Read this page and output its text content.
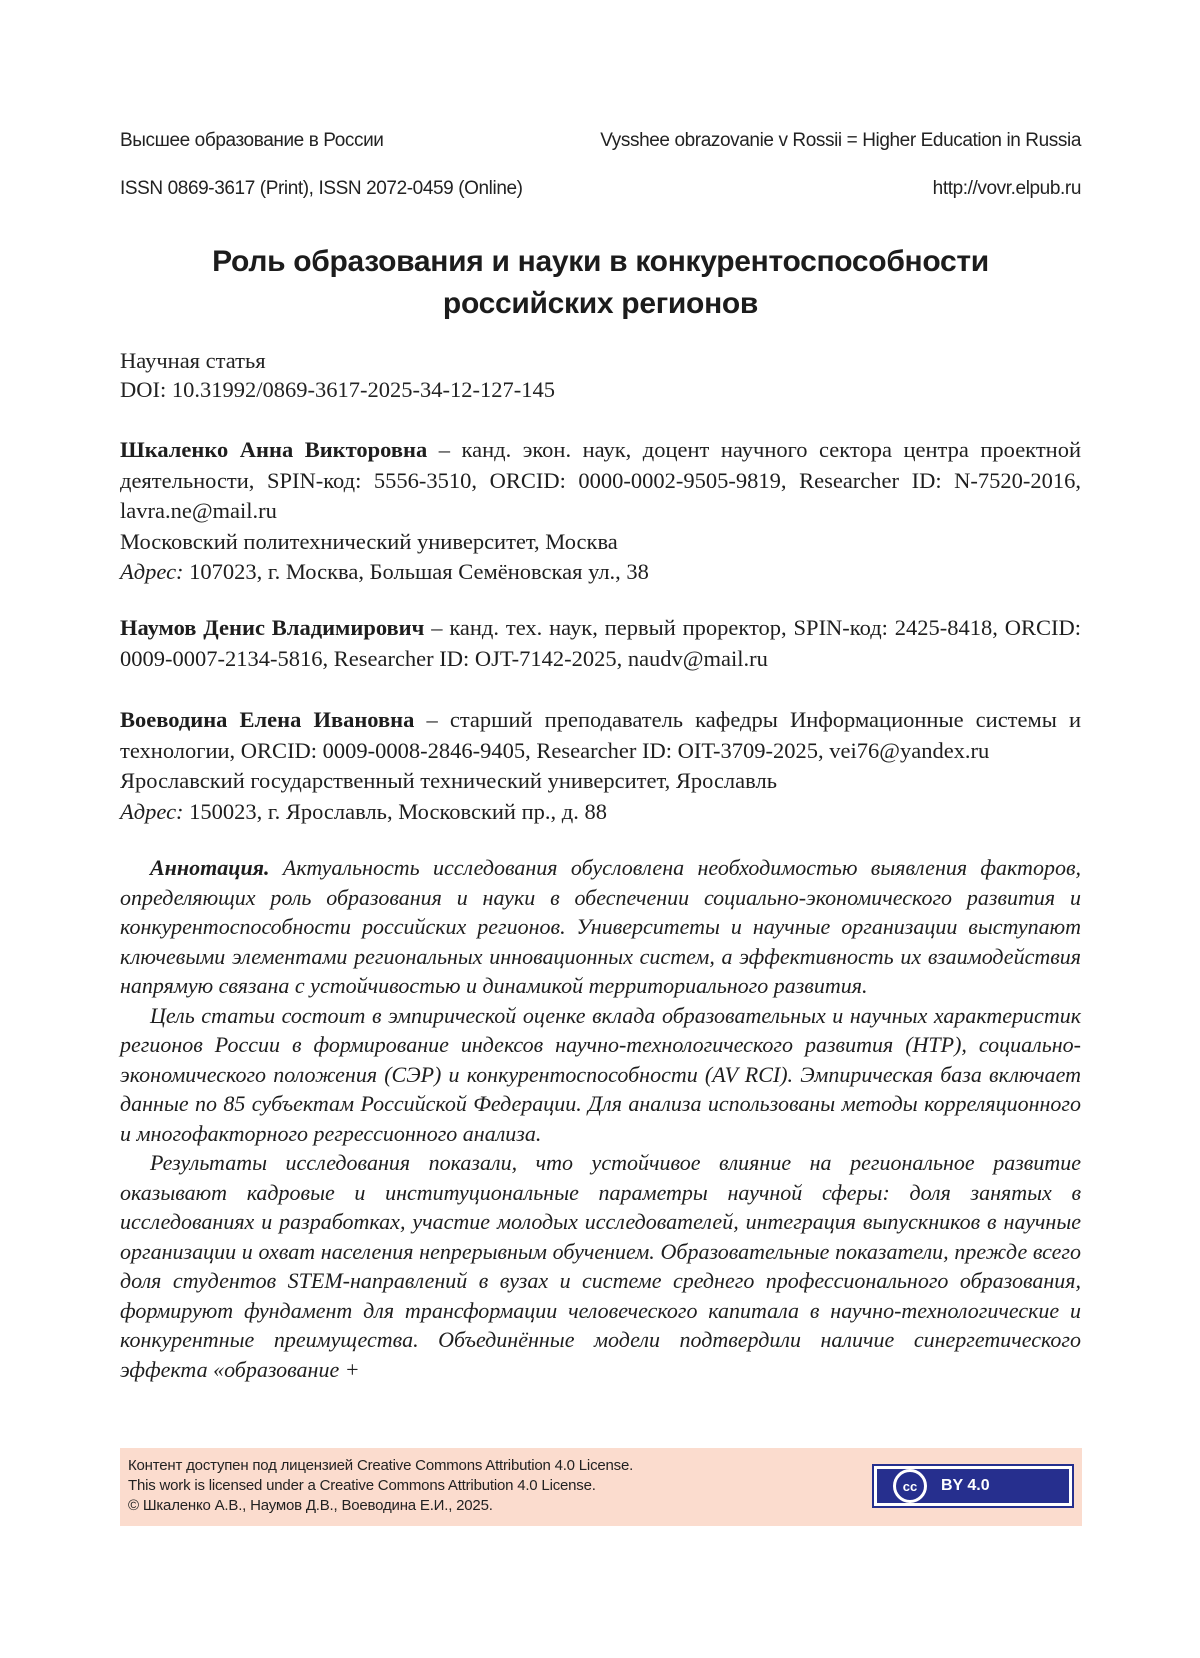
Высшее образование в России	Vysshee obrazovanie v Rossii = Higher Education in Russia
ISSN 0869-3617 (Print), ISSN 2072-0459 (Online)	http://vovr.elpub.ru
Роль образования и науки в конкурентоспособности
российских регионов
Научная статья
DOI: 10.31992/0869-3617-2025-34-12-127-145
Шкаленко Анна Викторовна – канд. экон. наук, доцент научного сектора центра проектной деятельности, SPIN-код: 5556-3510, ORCID: 0000-0002-9505-9819, Researcher ID: N-7520-2016, lavra.ne@mail.ru
Московский политехнический университет, Москва
Адрес: 107023, г. Москва, Большая Семёновская ул., 38
Наумов Денис Владимирович – канд. тех. наук, первый проректор, SPIN-код: 2425-8418, ORCID: 0009-0007-2134-5816, Researcher ID: OJT-7142-2025, naudv@mail.ru
Воеводина Елена Ивановна – старший преподаватель кафедры Информационные системы и технологии, ORCID: 0009-0008-2846-9405, Researcher ID: OIT-3709-2025, vei76@yandex.ru
Ярославский государственный технический университет, Ярославль
Адрес: 150023, г. Ярославль, Московский пр., д. 88

Аннотация. Актуальность исследования обусловлена необходимостью выявления факторов, определяющих роль образования и науки в обеспечении социально-экономического развития и конкурентоспособности российских регионов. Университеты и научные организации выступают ключевыми элементами региональных инновационных систем, а эффективность их взаимодействия напрямую связана с устойчивостью и динамикой территориального развития.

Цель статьи состоит в эмпирической оценке вклада образовательных и научных характеристик регионов России в формирование индексов научно-технологического развития (НТР), социально-экономического положения (СЭР) и конкурентоспособности (AV RCI). Эмпирическая база включает данные по 85 субъектам Российской Федерации. Для анализа использованы методы корреляционного и многофакторного регрессионного анализа.

Результаты исследования показали, что устойчивое влияние на региональное развитие оказывают кадровые и институциональные параметры научной сферы: доля занятых в исследованиях и разработках, участие молодых исследователей, интеграция выпускников в научные организации и охват населения непрерывным обучением. Образовательные показатели, прежде всего доля студентов STEM-направлений в вузах и системе среднего профессионального образования, формируют фундамент для трансформации человеческого капитала в научно-технологические и конкурентные преимущества. Объединённые модели подтвердили наличие синергетического эффекта «образование +

Контент доступен под лицензией Creative Commons Attribution 4.0 License.
This work is licensed under a Creative Commons Attribution 4.0 License.
© Шкаленко А.В., Наумов Д.В., Воеводина Е.И., 2025.
cc	BY 4.0
